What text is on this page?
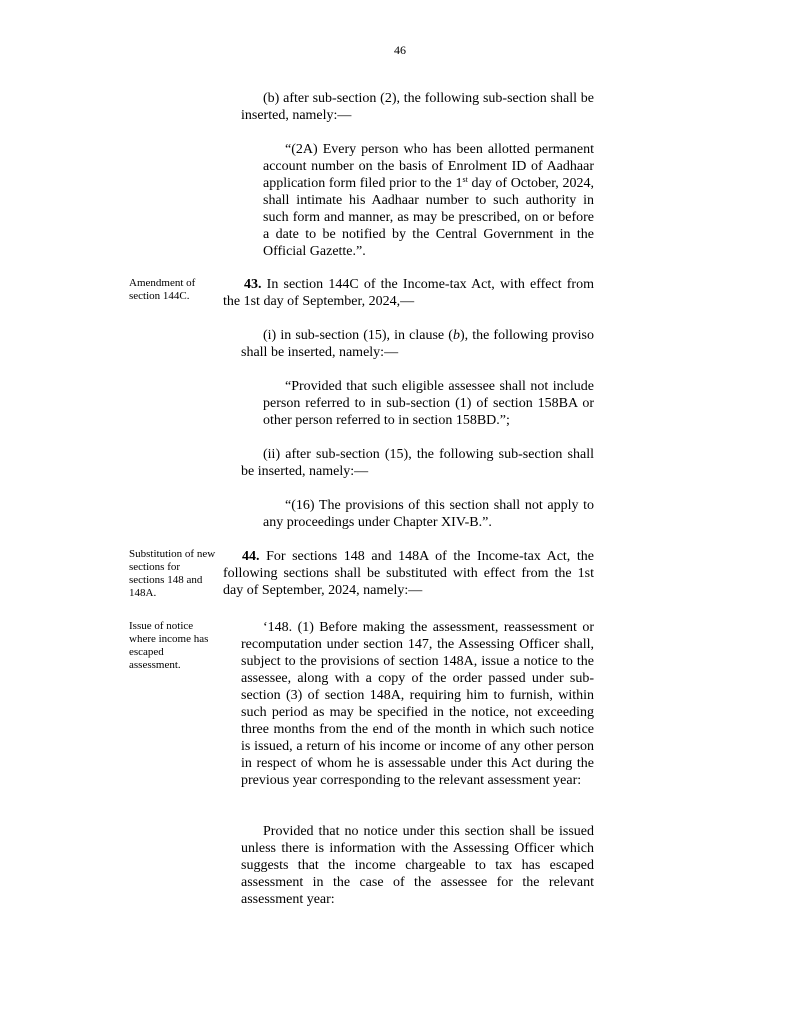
46

(b) after sub-section (2), the following sub-section shall be inserted, namely:—

“(2A) Every person who has been allotted permanent account number on the basis of Enrolment ID of Aadhaar application form filed prior to the 1st day of October, 2024, shall intimate his Aadhaar number to such authority in such form and manner, as may be prescribed, on or before a date to be notified by the Central Government in the Official Gazette.”.

Amendment of section 144C.

43. In section 144C of the Income-tax Act, with effect from the 1st day of September, 2024,—

(i) in sub-section (15), in clause (b), the following proviso shall be inserted, namely:—

“Provided that such eligible assessee shall not include person referred to in sub-section (1) of section 158BA or other person referred to in section 158BD.”;

(ii) after sub-section (15), the following sub-section shall be inserted, namely:—

“(16) The provisions of this section shall not apply to any proceedings under Chapter XIV-B.”.

Substitution of new sections for sections 148 and 148A.

44. For sections 148 and 148A of the Income-tax Act, the following sections shall be substituted with effect from the 1st day of September, 2024, namely:—

Issue of notice where income has escaped assessment.

‘148. (1) Before making the assessment, reassessment or recomputation under section 147, the Assessing Officer shall, subject to the provisions of section 148A, issue a notice to the assessee, along with a copy of the order passed under sub-section (3) of section 148A, requiring him to furnish, within such period as may be specified in the notice, not exceeding three months from the end of the month in which such notice is issued, a return of his income or income of any other person in respect of whom he is assessable under this Act during the previous year corresponding to the relevant assessment year:

Provided that no notice under this section shall be issued unless there is information with the Assessing Officer which suggests that the income chargeable to tax has escaped assessment in the case of the assessee for the relevant assessment year:
